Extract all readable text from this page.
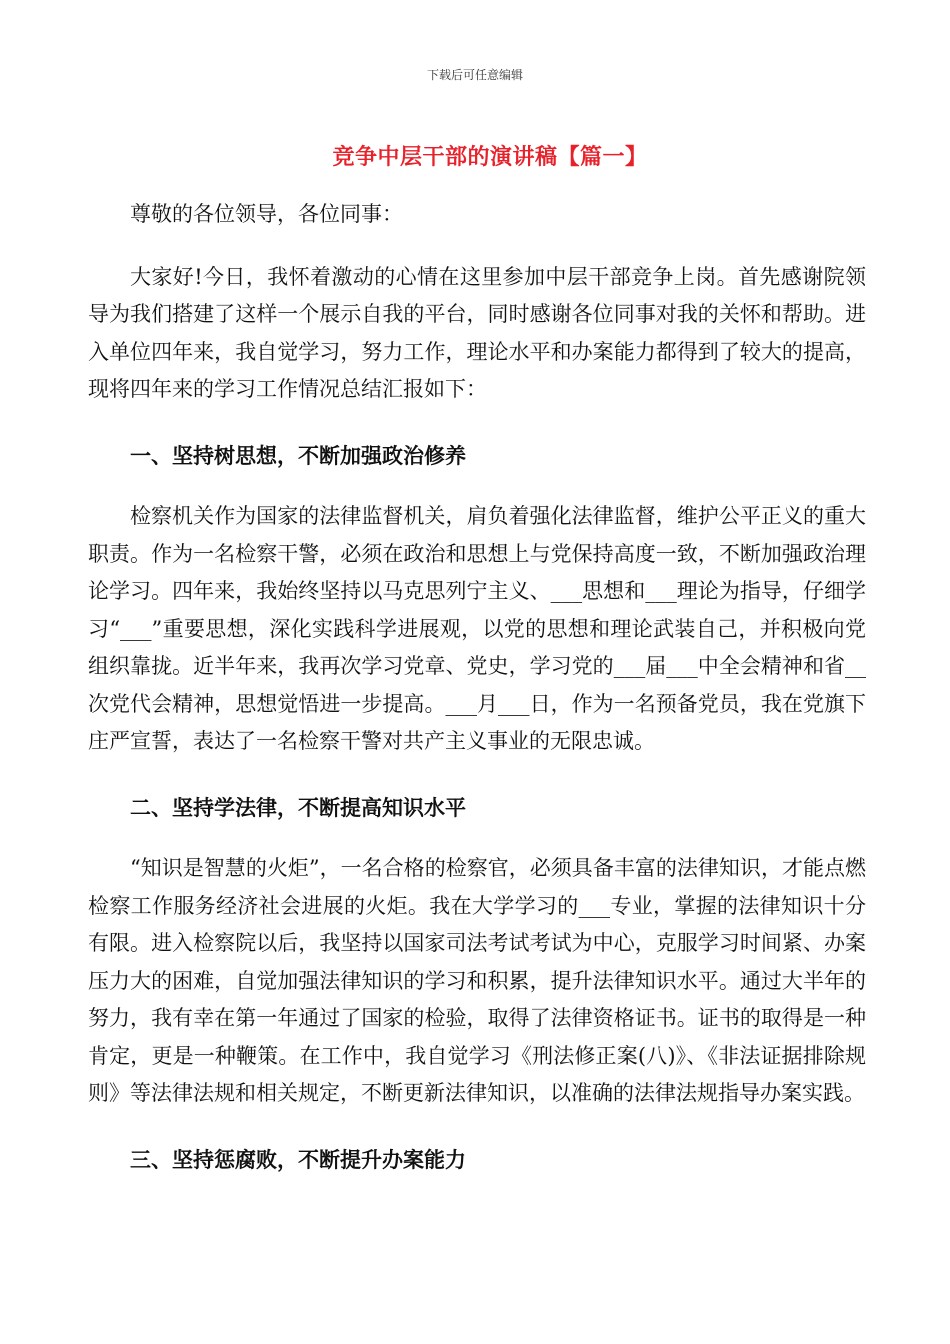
下载后可任意编辑
竞争中层干部的演讲稿【篇一】

尊敬的各位领导，各位同事：

大家好!今日，我怀着激动的心情在这里参加中层干部竞争上岗。首先感谢院领导为我们搭建了这样一个展示自我的平台，同时感谢各位同事对我的关怀和帮助。进入单位四年来，我自觉学习，努力工作，理论水平和办案能力都得到了较大的提高，现将四年来的学习工作情况总结汇报如下：

一、坚持树思想，不断加强政治修养

检察机关作为国家的法律监督机关，肩负着强化法律监督，维护公平正义的重大职责。作为一名检察干警，必须在政治和思想上与党保持高度一致，不断加强政治理论学习。四年来，我始终坚持以马克思列宁主义、___思想和___理论为指导，仔细学习“___”重要思想，深化实践科学进展观，以党的思想和理论武装自己，并积极向党组织靠拢。近半年来，我再次学习党章、党史，学习党的___届___中全会精神和省__次党代会精神，思想觉悟进一步提高。___月___日，作为一名预备党员，我在党旗下庄严宣誓，表达了一名检察干警对共产主义事业的无限忠诚。

二、坚持学法律，不断提高知识水平

“知识是智慧的火炬”，一名合格的检察官，必须具备丰富的法律知识，才能点燃检察工作服务经济社会进展的火炬。我在大学学习的___专业，掌握的法律知识十分有限。进入检察院以后，我坚持以国家司法考试考试为中心，克服学习时间紧、办案压力大的困难，自觉加强法律知识的学习和积累，提升法律知识水平。通过大半年的努力，我有幸在第一年通过了国家的检验，取得了法律资格证书。证书的取得是一种肯定，更是一种鞭策。在工作中，我自觉学习《刑法修正案(八)》、《非法证据排除规则》等法律法规和相关规定，不断更新法律知识，以准确的法律法规指导办案实践。

三、坚持惩腐败，不断提升办案能力
